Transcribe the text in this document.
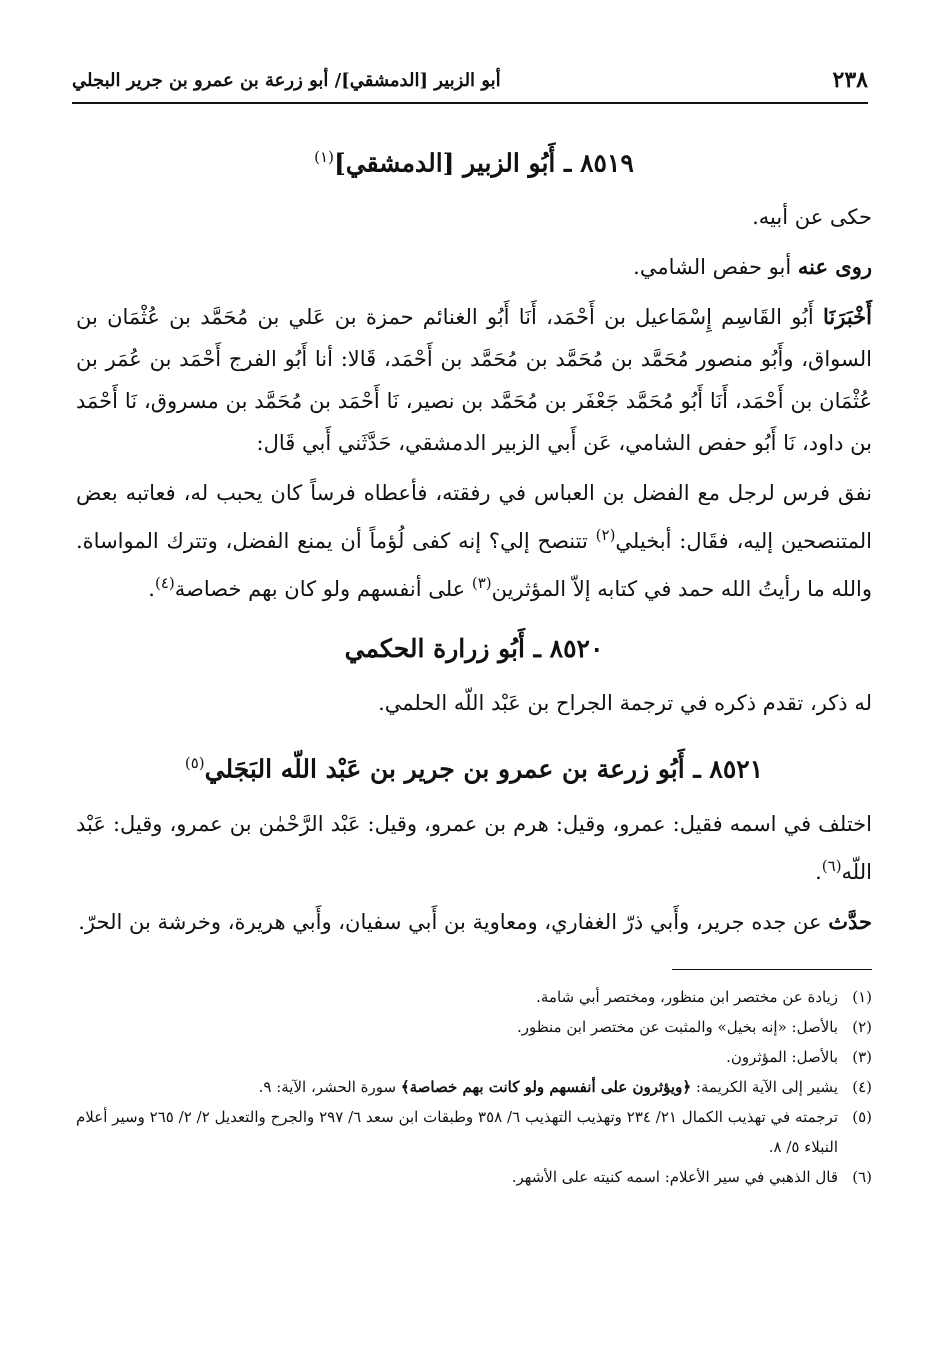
٢٣٨
أبو الزبير [الدمشقي]/ أبو زرعة بن عمرو بن جرير البجلي
٨٥١٩ ـ أَبُو الزبير [الدمشقي]$^{(١)}$

حكى عن أبيه.

روى عنه أبو حفص الشامي.

أَخْبَرَنَا أَبُو القَاسِم إِسْمَاعيل بن أَحْمَد، أَنَا أَبُو الغنائم حمزة بن عَلي بن مُحَمَّد بن عُثْمَان بن السواق، وأَبُو منصور مُحَمَّد بن مُحَمَّد بن مُحَمَّد بن أَحْمَد، قَالا: أنا أَبُو الفرج أَحْمَد بن عُمَر بن عُثْمَان بن أَحْمَد، أَنَا أَبُو مُحَمَّد جَعْفَر بن مُحَمَّد بن نصير، نَا أَحْمَد بن مُحَمَّد بن مسروق، نَا أَحْمَد بن داود، نَا أَبُو حفص الشامي، عَن أَبي الزبير الدمشقي، حَدَّثَني أَبي قَال:

نفق فرس لرجل مع الفضل بن العباس في رفقته، فأعطاه فرساً كان يحبب له، فعاتبه بعض المتنصحين إليه، فقَال: أبخيلي$^{(٢)}$ تتنصح إلي؟ إنه كفى لُؤماً أن يمنع الفضل، وتترك المواساة. والله ما رأيتُ الله حمد في كتابه إلاّ المؤثرين$^{(٣)}$ على أنفسهم ولو كان بهم خصاصة$^{(٤)}$.

٨٥٢٠ ـ أَبُو زرارة الحكمي

له ذكر، تقدم ذكره في ترجمة الجراح بن عَبْد اللّه الحلمي.

٨٥٢١ ـ أَبُو زرعة بن عمرو بن جرير بن عَبْد اللّه البَجَلي$^{(٥)}$

اختلف في اسمه فقيل: عمرو، وقيل: هرم بن عمرو، وقيل: عَبْد الرَّحْمٰن بن عمرو، وقيل: عَبْد اللّه$^{(٦)}$.

حدَّث عن جده جرير، وأَبي ذرّ الغفاري، ومعاوية بن أَبي سفيان، وأَبي هريرة، وخرشة بن الحرّ.

(١)
زيادة عن مختصر ابن منظور، ومختصر أبي شامة.
(٢)
بالأصل: «إنه بخيل» والمثبت عن مختصر ابن منظور.
(٣)
بالأصل: المؤثرون.
(٤)
يشير إلى الآية الكريمة: ﴿ويؤثرون على أنفسهم ولو كانت بهم خصاصة﴾ سورة الحشر، الآية: ٩.
(٥)
ترجمته في تهذيب الكمال ٢١/ ٢٣٤ وتهذيب التهذيب ٦/ ٣٥٨ وطبقات ابن سعد ٦/ ٢٩٧ والجرح والتعديل ٢/ ٢/ ٢٦٥ وسير أعلام النبلاء ٥/ ٨.
(٦)
قال الذهبي في سير الأعلام: اسمه كنيته على الأشهر.
